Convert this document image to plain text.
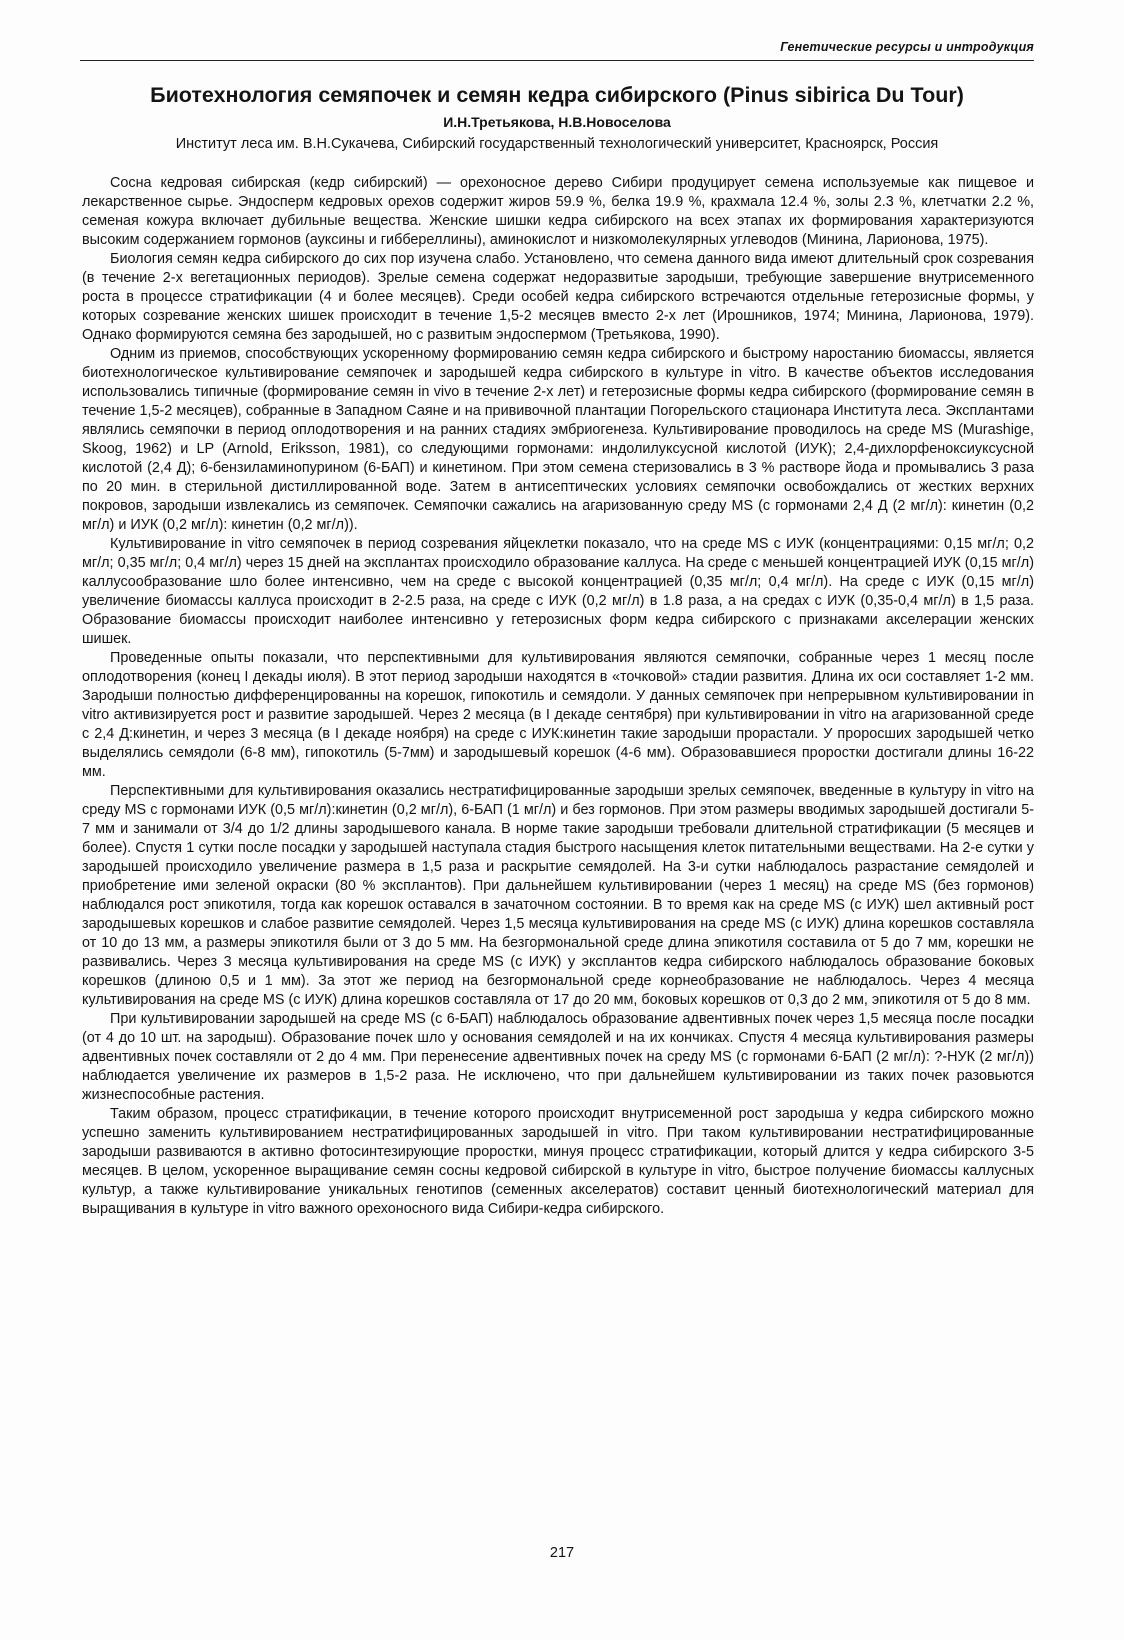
Генетические ресурсы и интродукция
Биотехнология семяпочек и семян кедра сибирского (Pinus sibirica Du Tour)
И.Н.Третьякова, Н.В.Новоселова
Институт леса им. В.Н.Сукачева, Сибирский государственный технологический университет, Красноярск, Россия

Сосна кедровая сибирская (кедр сибирский) — орехоносное дерево Сибири продуцирует семена используемые как пищевое и лекарственное сырье. Эндосперм кедровых орехов содержит жиров 59.9 %, белка 19.9 %, крахмала 12.4 %, золы 2.3 %, клетчатки 2.2 %, семеная кожура включает дубильные вещества. Женские шишки кедра сибирского на всех этапах их формирования характеризуются высоким содержанием гормонов (ауксины и гиббереллины), аминокислот и низкомолекулярных углеводов (Минина, Ларионова, 1975).

Биология семян кедра сибирского до сих пор изучена слабо. Установлено, что семена данного вида имеют длительный срок созревания (в течение 2-х вегетационных периодов). Зрелые семена содержат недоразвитые зародыши, требующие завершение внутрисеменного роста в процессе стратификации (4 и более месяцев). Среди особей кедра сибирского встречаются отдельные гетерозисные формы, у которых созревание женских шишек происходит в течение 1,5-2 месяцев вместо 2-х лет (Ирошников, 1974; Минина, Ларионова, 1979). Однако формируются семяна без зародышей, но с развитым эндоспермом (Третьякова, 1990).

Одним из приемов, способствующих ускоренному формированию семян кедра сибирского и быстрому наростанию биомассы, является биотехнологическое культивирование семяпочек и зародышей кедра сибирского в культуре in vitro. В качестве объектов исследования использовались типичные (формирование семян in vivo в течение 2-х лет) и гетерозисные формы кедра сибирского (формирование семян в течение 1,5-2 месяцев), собранные в Западном Саяне и на прививочной плантации Погорельского стационара Института леса. Эксплантами являлись семяпочки в период оплодотворения и на ранних стадиях эмбриогенеза. Культивирование проводилось на среде MS (Murashige, Skoog, 1962) и LP (Arnold, Eriksson, 1981), со следующими гормонами: индолилуксусной кислотой (ИУК); 2,4-дихлорфеноксиуксусной кислотой (2,4 Д); 6-бензиламинопурином (6-БАП) и кинетином. При этом семена стеризовались в 3 % растворе йода и промывались 3 раза по 20 мин. в стерильной дистиллированной воде. Затем в антисептических условиях семяпочки освобождались от жестких верхних покровов, зародыши извлекались из семяпочек. Семяпочки сажались на агаризованную среду MS (с гормонами 2,4 Д (2 мг/л): кинетин (0,2 мг/л) и ИУК (0,2 мг/л): кинетин (0,2 мг/л)).

Культивирование in vitro семяпочек в период созревания яйцеклетки показало, что на среде MS с ИУК (концентрациями: 0,15 мг/л; 0,2 мг/л; 0,35 мг/л; 0,4 мг/л) через 15 дней на эксплантах происходило образование каллуса. На среде с меньшей концентрацией ИУК (0,15 мг/л) каллусообразование шло более интенсивно, чем на среде с высокой концентрацией (0,35 мг/л; 0,4 мг/л). На среде с ИУК (0,15 мг/л) увеличение биомассы каллуса происходит в 2-2.5 раза, на среде с ИУК (0,2 мг/л) в 1.8 раза, а на средах с ИУК (0,35-0,4 мг/л) в 1,5 раза. Образование биомассы происходит наиболее интенсивно у гетерозисных форм кедра сибирского с признаками акселерации женских шишек.

Проведенные опыты показали, что перспективными для культивирования являются семяпочки, собранные через 1 месяц после оплодотворения (конец I декады июля). В этот период зародыши находятся в «точковой» стадии развития. Длина их оси составляет 1-2 мм. Зародыши полностью дифференцированны на корешок, гипокотиль и семядоли. У данных семяпочек при непрерывном культивировании in vitro активизируется рост и развитие зародышей. Через 2 месяца (в I декаде сентября) при культивировании in vitro на агаризованной среде с 2,4 Д:кинетин, и через 3 месяца (в I декаде ноября) на среде с ИУК:кинетин такие зародыши прорастали. У проросших зародышей четко выделялись семядоли (6-8 мм), гипокотиль (5-7мм) и зародышевый корешок (4-6 мм). Образовавшиеся проростки достигали длины 16-22 мм.

Перспективными для культивирования оказались нестратифицированные зародыши зрелых семяпочек, введенные в культуру in vitro на среду MS с гормонами ИУК (0,5 мг/л):кинетин (0,2 мг/л), 6-БАП (1 мг/л) и без гормонов. При этом размеры вводимых зародышей достигали 5-7 мм и занимали от 3/4 до 1/2 длины зародышевого канала. В норме такие зародыши требовали длительной стратификации (5 месяцев и более). Спустя 1 сутки после посадки у зародышей наступала стадия быстрого насыщения клеток питательными веществами. На 2-е сутки у зародышей происходило увеличение размера в 1,5 раза и раскрытие семядолей. На 3-и сутки наблюдалось разрастание семядолей и приобретение ими зеленой окраски (80 % эксплантов). При дальнейшем культивировании (через 1 месяц) на среде MS (без гормонов) наблюдался рост эпикотиля, тогда как корешок оставался в зачаточном состоянии. В то время как на среде MS (с ИУК) шел активный рост зародышевых корешков и слабое развитие семядолей. Через 1,5 месяца культивирования на среде MS (с ИУК) длина корешков составляла от 10 до 13 мм, а размеры эпикотиля были от 3 до 5 мм. На безгормональной среде длина эпикотиля составила от 5 до 7 мм, корешки не развивались. Через 3 месяца культивирования на среде MS (с ИУК) у эксплантов кедра сибирского наблюдалось образование боковых корешков (длиною 0,5 и 1 мм). За этот же период на безгормональной среде корнеобразование не наблюдалось. Через 4 месяца культивирования на среде MS (с ИУК) длина корешков составляла от 17 до 20 мм, боковых корешков от 0,3 до 2 мм, эпикотиля от 5 до 8 мм.

При культивировании зародышей на среде MS (с 6-БАП) наблюдалось образование адвентивных почек через 1,5 месяца после посадки (от 4 до 10 шт. на зародыш). Образование почек шло у основания семядолей и на их кончиках. Спустя 4 месяца культивирования размеры адвентивных почек составляли от 2 до 4 мм. При перенесение адвентивных почек на среду MS (с гормонами 6-БАП (2 мг/л): ?-НУК (2 мг/л)) наблюдается увеличение их размеров в 1,5-2 раза. Не исключено, что при дальнейшем культивировании из таких почек разовьются жизнеспособные растения.

Таким образом, процесс стратификации, в течение которого происходит внутрисеменной рост зародыша у кедра сибирского можно успешно заменить культивированием нестратифицированных зародышей in vitro. При таком культивировании нестратифицированные зародыши развиваются в активно фотосинтезирующие проростки, минуя процесс стратификации, который длится у кедра сибирского 3-5 месяцев. В целом, ускоренное выращивание семян сосны кедровой сибирской в культуре in vitro, быстрое получение биомассы каллусных культур, а также культивирование уникальных генотипов (семенных акселератов) составит ценный биотехнологический материал для выращивания в культуре in vitro важного орехоносного вида Сибири-кедра сибирского.

217
